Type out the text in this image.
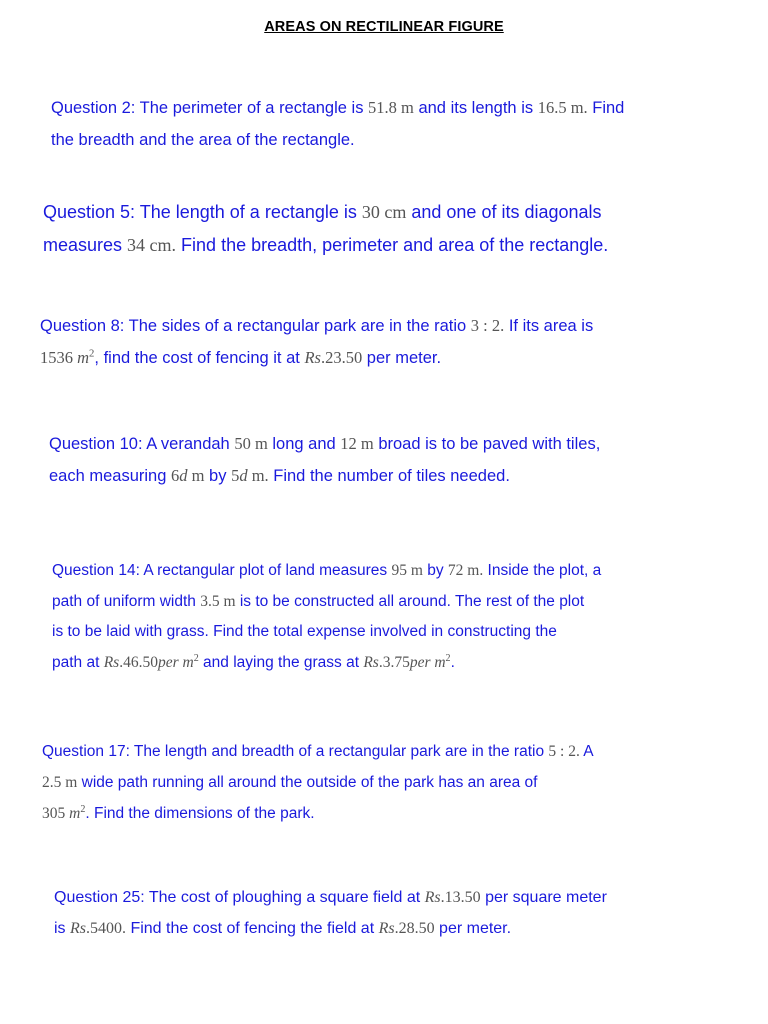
AREAS ON RECTILINEAR FIGURE
Question 2: The perimeter of a rectangle is 51.8 m and its length is 16.5 m. Find
the breadth and the area of the rectangle.
Question 5: The length of a rectangle is 30 cm and one of its diagonals
measures 34 cm. Find the breadth, perimeter and area of the rectangle.
Question 8: The sides of a rectangular park are in the ratio 3 : 2. If its area is
1536 $m^2$, find the cost of fencing it at Rs.23.50 per meter.
Question 10: A verandah 50 m long and 12 m broad is to be paved with tiles,
each measuring 6d m by 5d m. Find the number of tiles needed.
Question 14: A rectangular plot of land measures 95 m by 72 m. Inside the plot, a
path of uniform width 3.5 m is to be constructed all around. The rest of the plot
is to be laid with grass. Find the total expense involved in constructing the
path at Rs.46.50per $m^2$ and laying the grass at Rs.3.75per $m^2$.
Question 17: The length and breadth of a rectangular park are in the ratio 5 : 2. A
2.5 m wide path running all around the outside of the park has an area of
305 $m^2$. Find the dimensions of the park.
Question 25: The cost of ploughing a square field at Rs.13.50 per square meter
is Rs.5400. Find the cost of fencing the field at Rs.28.50 per meter.
